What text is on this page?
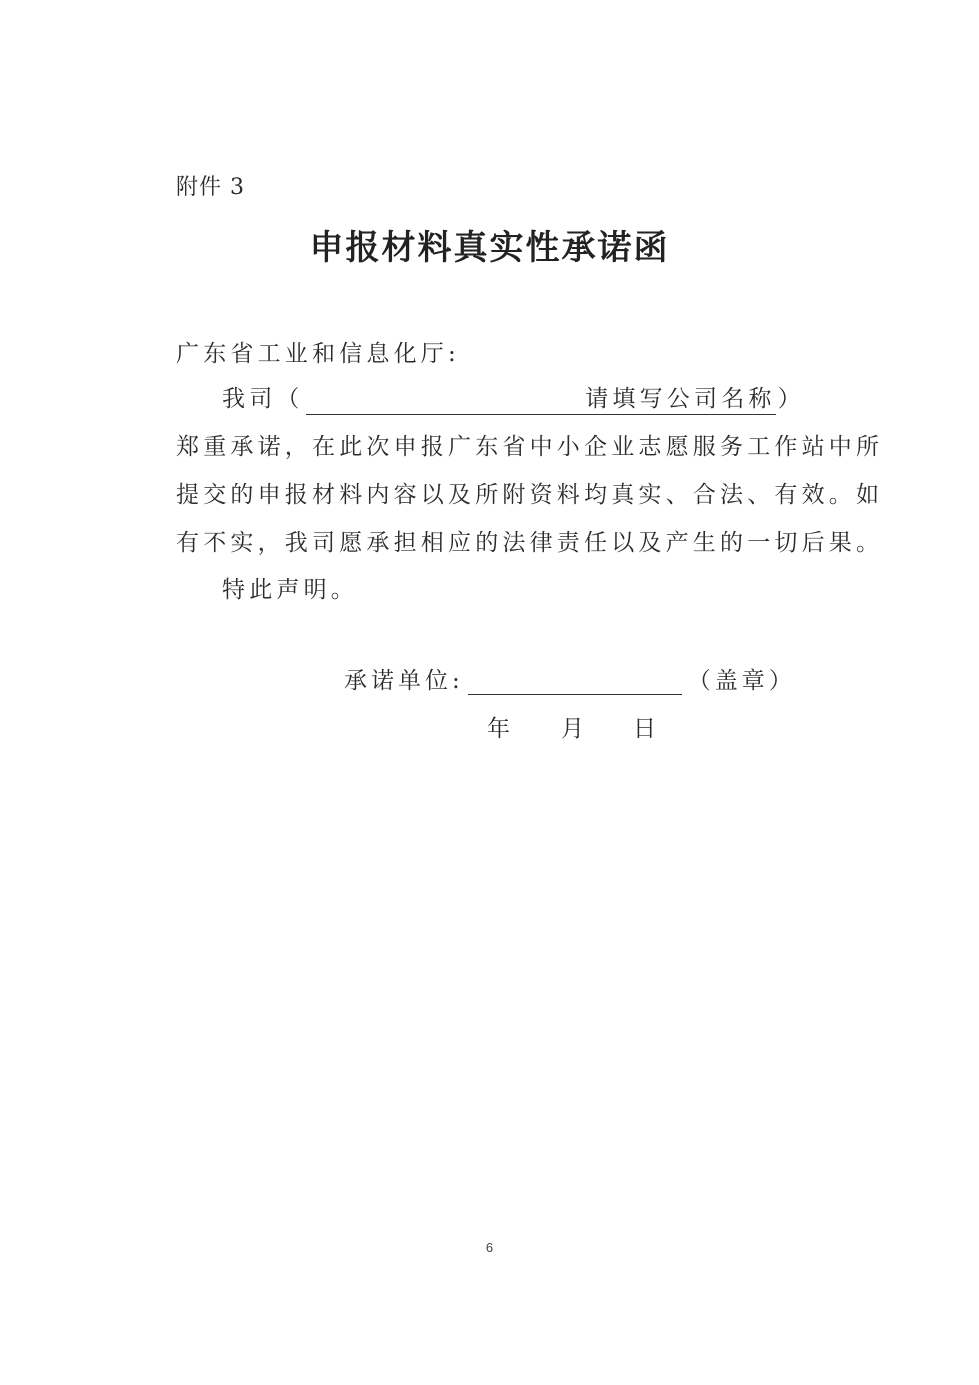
附件 3
申报材料真实性承诺函
广东省工业和信息化厅:
我司（	请填写公司名称）
郑重承诺，在此次申报广东省中小企业志愿服务工作站中所
提交的申报材料内容以及所附资料均真实、合法、有效。如
有不实，我司愿承担相应的法律责任以及产生的一切后果。
特此声明。
承诺单位:	（盖章）
年 月 日
6
